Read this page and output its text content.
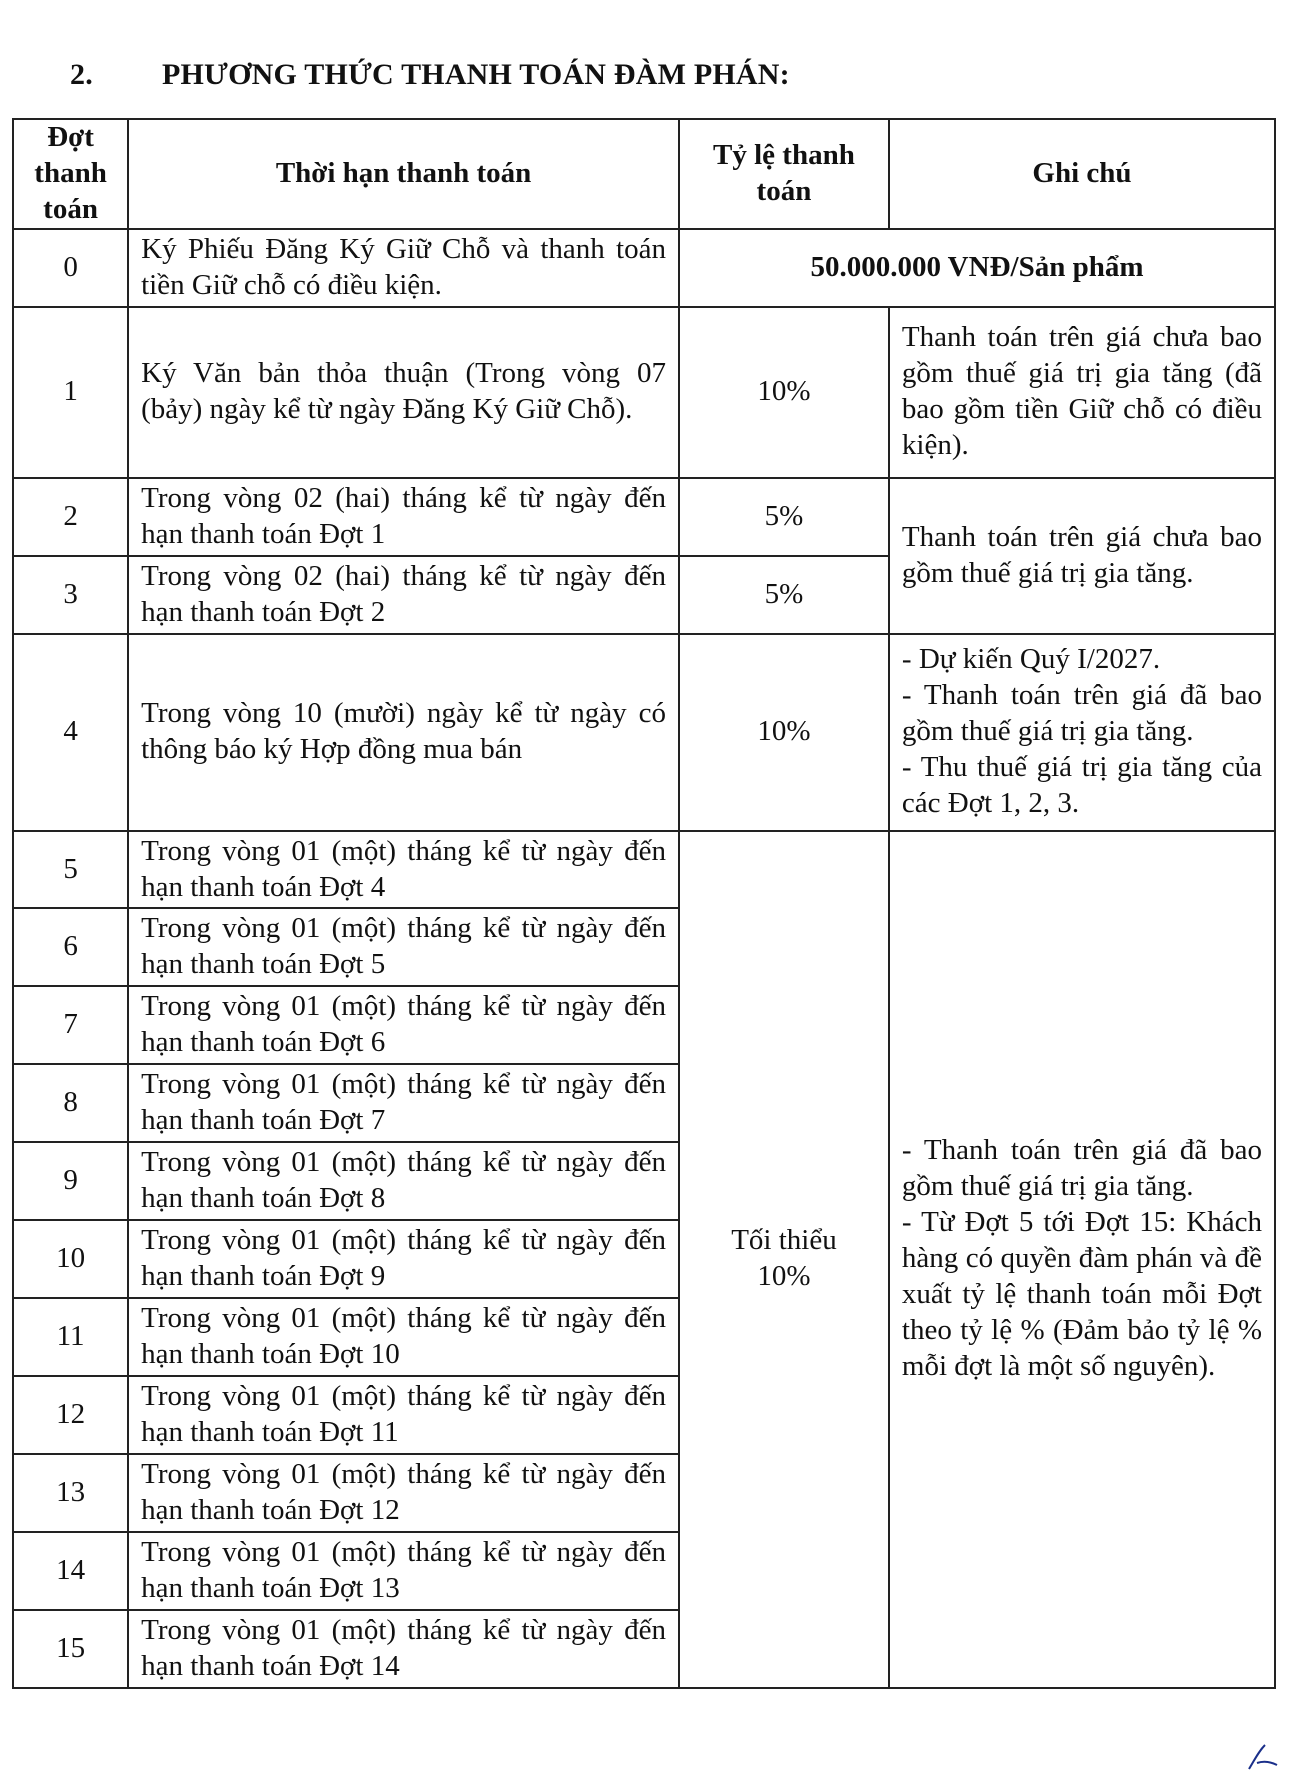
2. PHƯƠNG THỨC THANH TOÁN ĐÀM PHÁN:
Đợt thanh toán	Thời hạn thanh toán	Tỷ lệ thanh toán	Ghi chú
0	Ký Phiếu Đăng Ký Giữ Chỗ và thanh toán tiền Giữ chỗ có điều kiện.	50.000.000 VNĐ/Sản phẩm	
1	Ký Văn bản thỏa thuận (Trong vòng 07 (bảy) ngày kể từ ngày Đăng Ký Giữ Chỗ).	10%	Thanh toán trên giá chưa bao gồm thuế giá trị gia tăng (đã bao gồm tiền Giữ chỗ có điều kiện).
2	Trong vòng 02 (hai) tháng kể từ ngày đến hạn thanh toán Đợt 1	5%	Thanh toán trên giá chưa bao gồm thuế giá trị gia tăng.
3	Trong vòng 02 (hai) tháng kể từ ngày đến hạn thanh toán Đợt 2	5%	
4	Trong vòng 10 (mười) ngày kể từ ngày có thông báo ký Hợp đồng mua bán	10%	- Dự kiến Quý I/2027.
- Thanh toán trên giá đã bao gồm thuế giá trị gia tăng.
- Thu thuế giá trị gia tăng của các Đợt 1, 2, 3.

5	Trong vòng 01 (một) tháng kể từ ngày đến hạn thanh toán Đợt 4	Tối thiểu 10%	- Thanh toán trên giá đã bao gồm thuế giá trị gia tăng.
- Từ Đợt 5 tới Đợt 15: Khách hàng có quyền đàm phán và đề xuất tỷ lệ thanh toán mỗi Đợt theo tỷ lệ % (Đảm bảo tỷ lệ % mỗi đợt là một số nguyên).

6	Trong vòng 01 (một) tháng kể từ ngày đến hạn thanh toán Đợt 5		
7	Trong vòng 01 (một) tháng kể từ ngày đến hạn thanh toán Đợt 6		
8	Trong vòng 01 (một) tháng kể từ ngày đến hạn thanh toán Đợt 7		
9	Trong vòng 01 (một) tháng kể từ ngày đến hạn thanh toán Đợt 8		
10	Trong vòng 01 (một) tháng kể từ ngày đến hạn thanh toán Đợt 9		
11	Trong vòng 01 (một) tháng kể từ ngày đến hạn thanh toán Đợt 10		
12	Trong vòng 01 (một) tháng kể từ ngày đến hạn thanh toán Đợt 11		
13	Trong vòng 01 (một) tháng kể từ ngày đến hạn thanh toán Đợt 12		
14	Trong vòng 01 (một) tháng kể từ ngày đến hạn thanh toán Đợt 13		
15	Trong vòng 01 (một) tháng kể từ ngày đến hạn thanh toán Đợt 14		
